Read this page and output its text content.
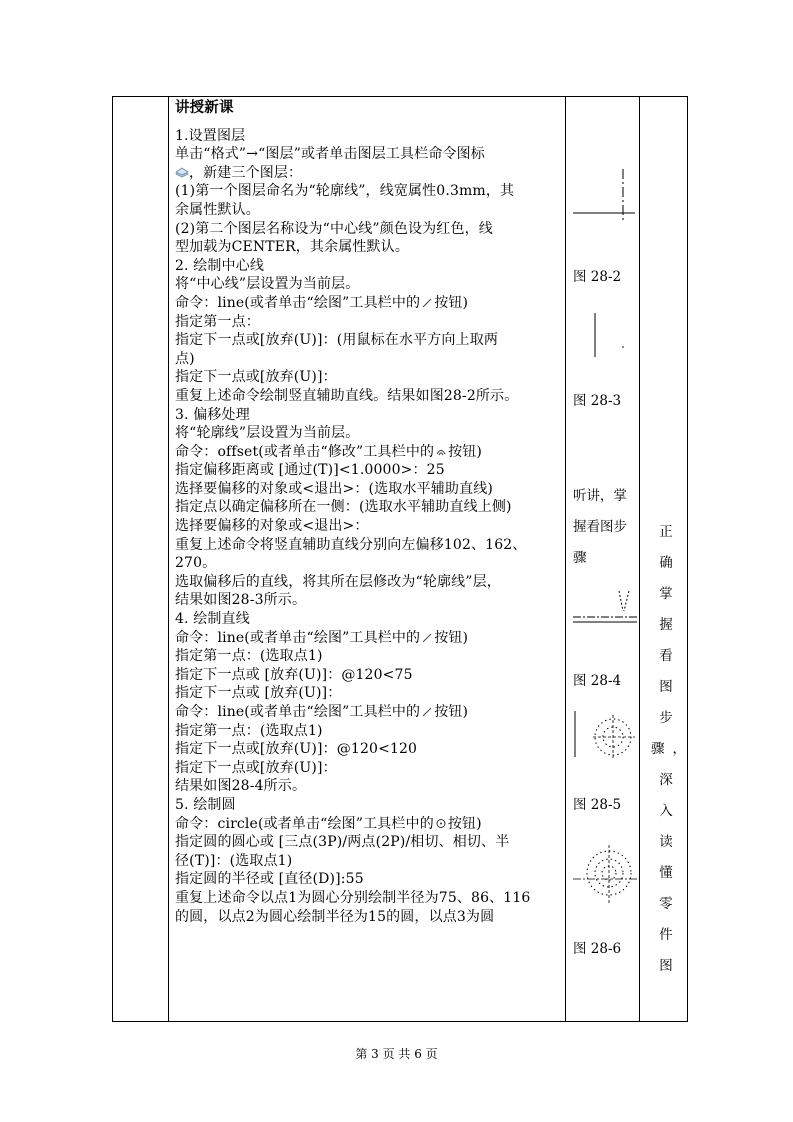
讲授新课

1.设置图层

单击“格式”→“图层”或者单击图层工具栏命令图标

，新建三个图层：

(1)第一个图层命名为“轮廓线”，线宽属性0.3mm，其

余属性默认。

(2)第二个图层名称设为“中心线”颜色设为红色，线

型加载为CENTER，其余属性默认。

2. 绘制中心线

将“中心线”层设置为当前层。

命令：line(或者单击“绘图”工具栏中的 按钮)

指定第一点：

指定下一点或[放弃(U)]：(用鼠标在水平方向上取两

点)

指定下一点或[放弃(U)]：

重复上述命令绘制竖直辅助直线。结果如图28-2所示。

3. 偏移处理

将“轮廓线”层设置为当前层。

命令：offset(或者单击“修改”工具栏中的 按钮)

指定偏移距离或 [通过(T)]<1.0000>：25

选择要偏移的对象或<退出>：(选取水平辅助直线)

指定点以确定偏移所在一侧：(选取水平辅助直线上侧)

选择要偏移的对象或<退出>：

重复上述命令将竖直辅助直线分别向左偏移102、162、

270。

选取偏移后的直线，将其所在层修改为“轮廓线”层，

结果如图28-3所示。

4. 绘制直线

命令：line(或者单击“绘图”工具栏中的 按钮)

指定第一点：(选取点1)

指定下一点或 [放弃(U)]：@120<75

指定下一点或 [放弃(U)]：

命令：line(或者单击“绘图”工具栏中的 按钮)

指定第一点：(选取点1)

指定下一点或[放弃(U)]：@120<120

指定下一点或[放弃(U)]：

结果如图28-4所示。

5. 绘制圆

命令：circle(或者单击“绘图”工具栏中的 按钮)

指定圆的圆心或 [三点(3P)/两点(2P)/相切、相切、半

径(T)]：(选取点1)

指定圆的半径或 [直径(D)]:55

重复上述命令以点1为圆心分别绘制半径为75、86、116

的圆，以点2为圆心绘制半径为15的圆，以点3为圆

图 28-2
图 28-3
听讲，掌
握看图步
骤
图 28-4
图 28-5
图 28-6
正确掌握看图步骤，深入读懂零件图
第 3 页 共 6 页
